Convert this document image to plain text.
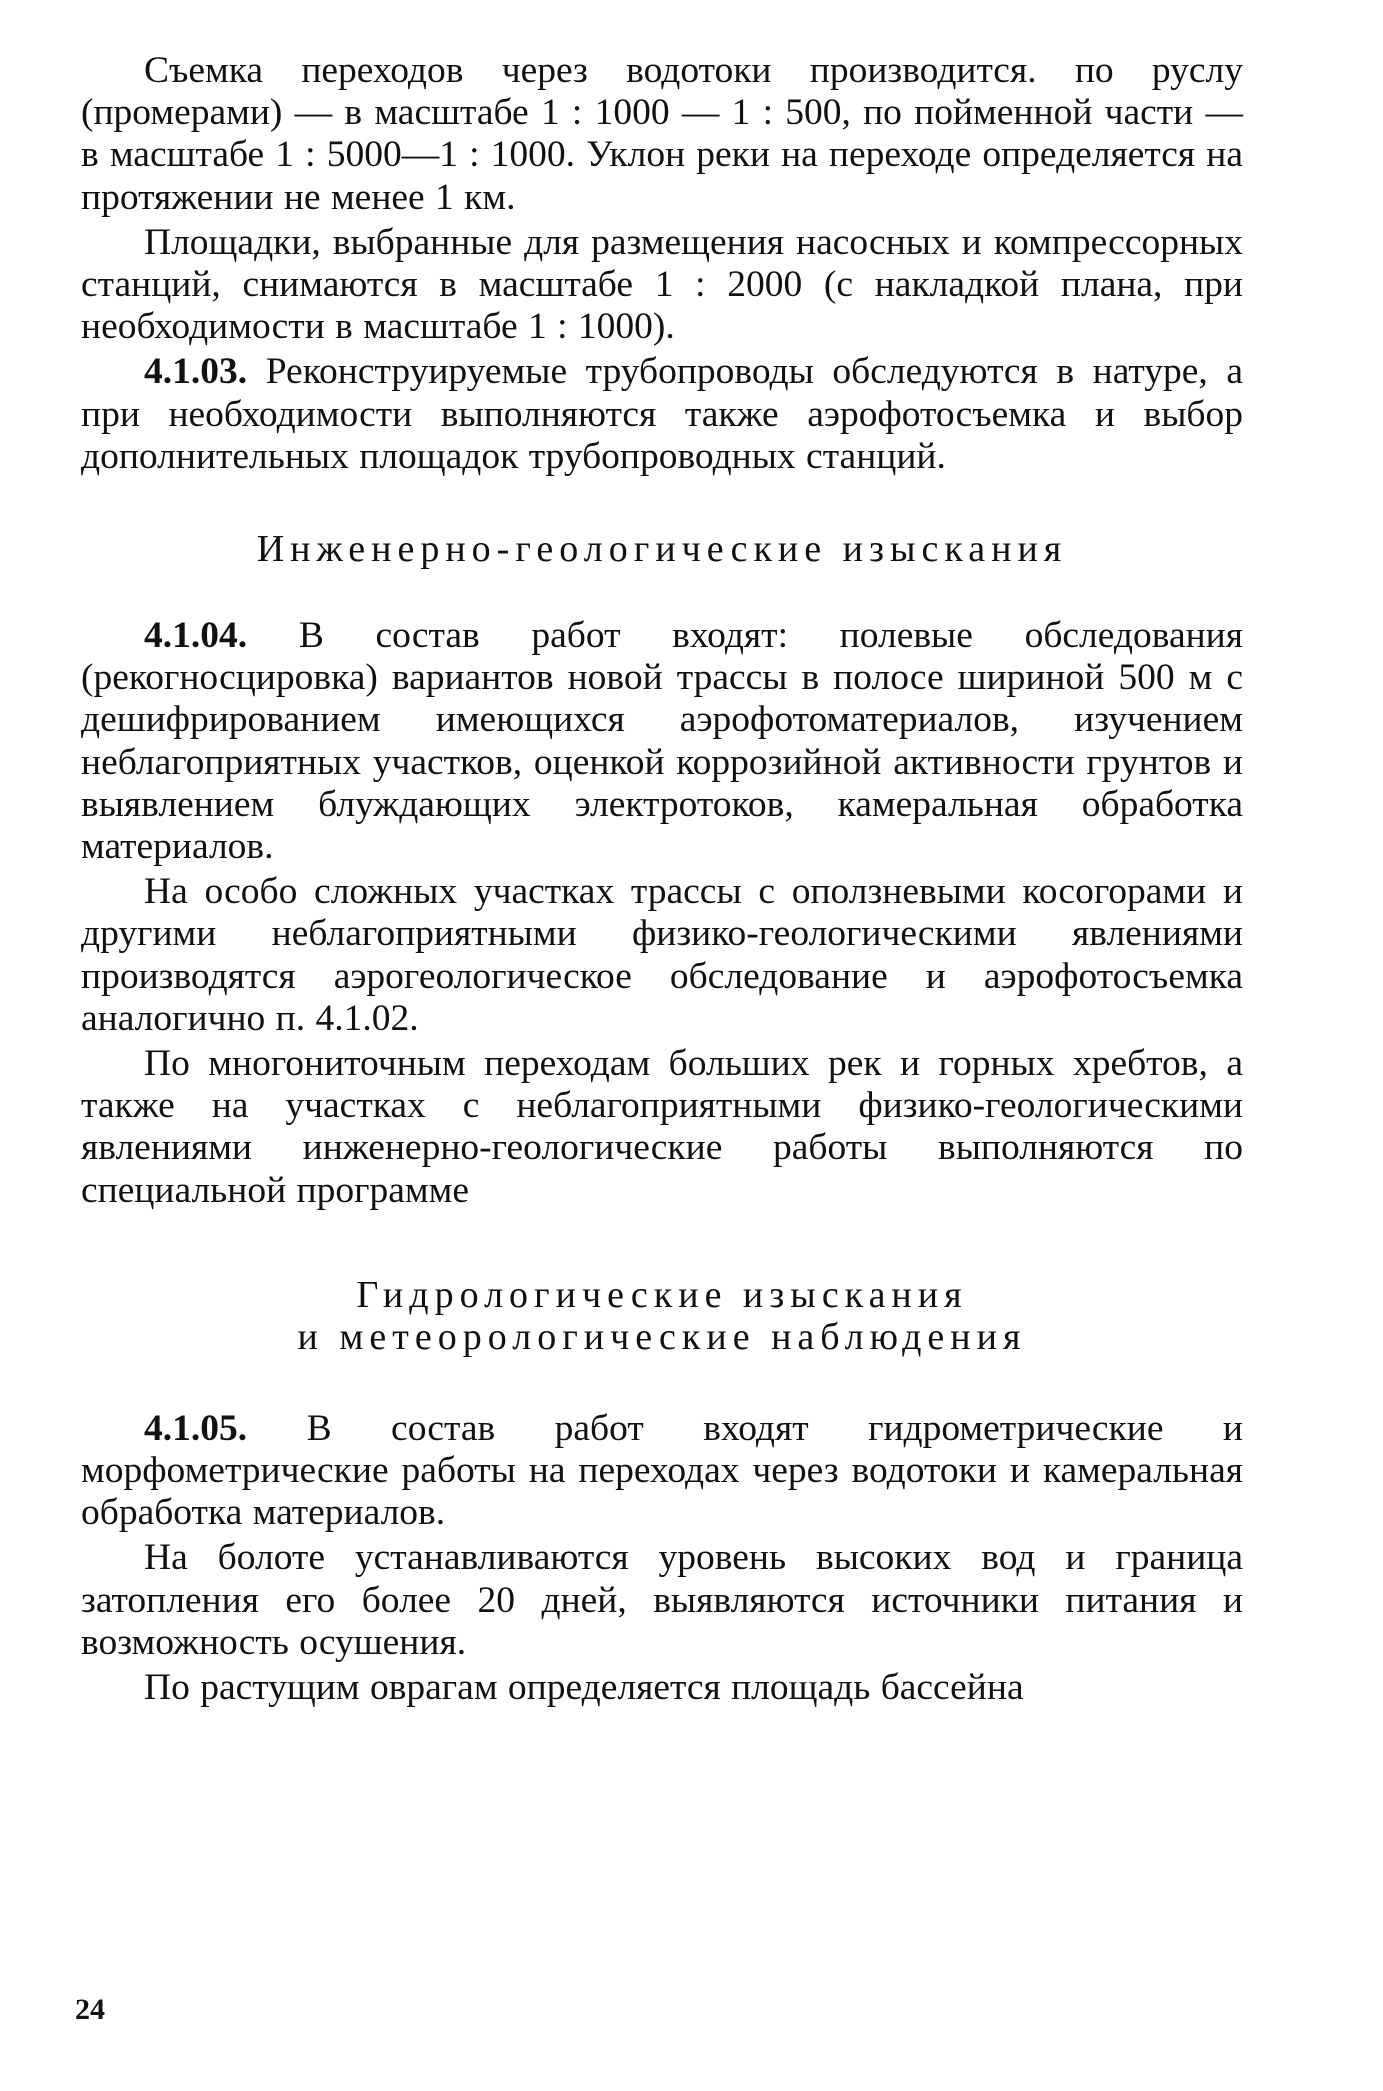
Съемка переходов через водотоки производится. по руслу (промерами) — в масштабе 1 : 1000 — 1 : 500, по пойменной части — в масштабе 1 : 5000—1 : 1000. Уклон реки на переходе определяется на протяжении не менее 1 км.

Площадки, выбранные для размещения насосных и компрессорных станций, снимаются в масштабе 1 : 2000 (с накладкой плана, при необходимости в масштабе 1 : 1000).

4.1.03. Реконструируемые трубопроводы обследуются в натуре, а при необходимости выполняются также аэрофотосъемка и выбор дополнительных площадок трубопроводных станций.

Инженерно-геологические изыскания

4.1.04. В состав работ входят: полевые обследования (рекогносцировка) вариантов новой трассы в полосе шириной 500 м с дешифрированием имеющихся аэрофотоматериалов, изучением неблагоприятных участков, оценкой коррозийной активности грунтов и выявлением блуждающих электротоков, камеральная обработка материалов.

На особо сложных участках трассы с оползневыми косогорами и другими неблагоприятными физико-геологическими явлениями производятся аэрогеологическое обследование и аэрофотосъемка аналогично п. 4.1.02.

По многониточным переходам больших рек и горных хребтов, а также на участках с неблагоприятными физико-геологическими явлениями инженерно-геологические работы выполняются по специальной программе

Гидрологические изыскания

и метеорологические наблюдения

4.1.05. В состав работ входят гидрометрические и морфометрические работы на переходах через водотоки и камеральная обработка материалов.

На болоте устанавливаются уровень высоких вод и граница затопления его более 20 дней, выявляются источники питания и возможность осушения.

По растущим оврагам определяется площадь бассейна

24
